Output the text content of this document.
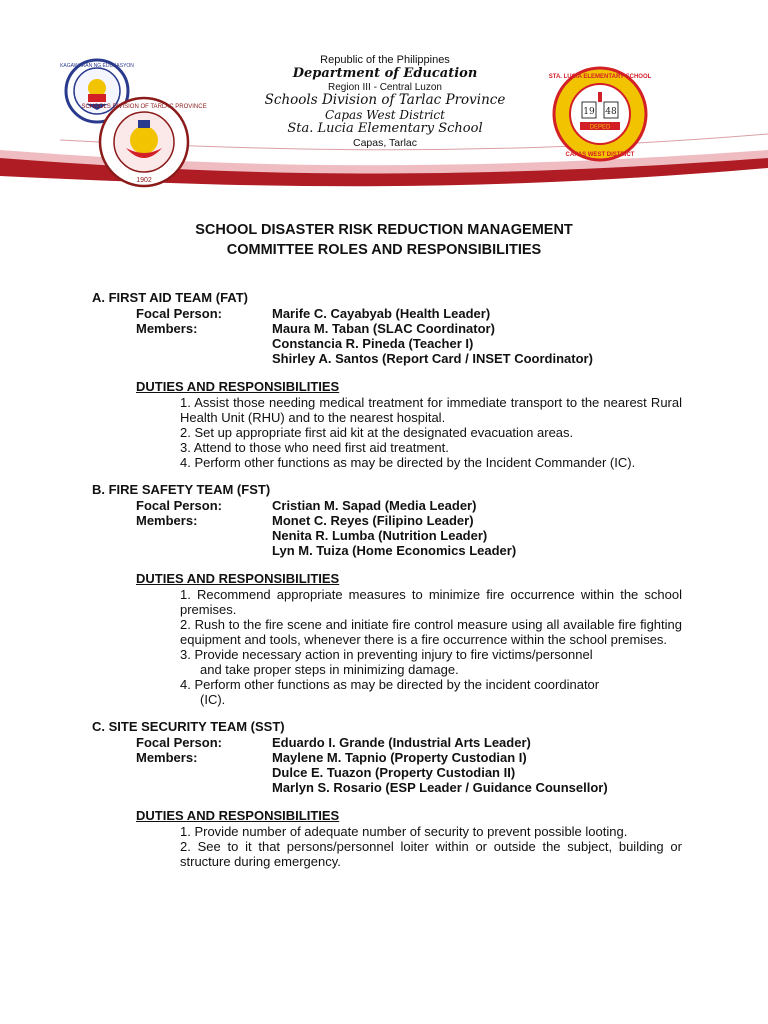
KAGAWARAN NG EDUKASYON
SCHOOLS DIVISION OF TARLAC PROVINCE
1902
Republic of the Philippines
Department of Education
Region III - Central Luzon
Schools Division of Tarlac Province
Capas West District
Sta. Lucia Elementary School
Capas, Tarlac
19 48
DEPED
STA. LUCIA ELEMENTARY SCHOOL
CAPAS WEST DISTRICT
SCHOOL DISASTER RISK REDUCTION MANAGEMENT
COMMITTEE ROLES AND RESPONSIBILITIES

A. FIRST AID TEAM (FAT)

Focal Person:	Marife C. Cayabyab (Health Leader)
Members:	Maura M. Taban (SLAC Coordinator)
Constancia R. Pineda (Teacher I)
Shirley A. Santos (Report Card / INSET Coordinator)
DUTIES AND RESPONSIBILITIES
1. Assist those needing medical treatment for immediate transport to the nearest Rural Health Unit (RHU) and to the nearest hospital.
2. Set up appropriate first aid kit at the designated evacuation areas.
3. Attend to those who need first aid treatment.
4. Perform other functions as may be directed by the Incident Commander (IC).

B. FIRE SAFETY TEAM (FST)

Focal Person:	Cristian M. Sapad (Media Leader)
Members:	Monet C. Reyes (Filipino Leader)
Nenita R. Lumba (Nutrition Leader)
Lyn M. Tuiza (Home Economics Leader)
DUTIES AND RESPONSIBILITIES
1. Recommend appropriate measures to minimize fire occurrence within the school premises.
2. Rush to the fire scene and initiate fire control measure using all available fire fighting equipment and tools, whenever there is a fire occurrence within the school premises.
3. Provide necessary action in preventing injury to fire victims/personnel
and take proper steps in minimizing damage.
4. Perform other functions as may be directed by the incident coordinator
(IC).

C. SITE SECURITY TEAM (SST)

Focal Person:	Eduardo I. Grande (Industrial Arts Leader)
Members:	Maylene M. Tapnio (Property Custodian I)
Dulce E. Tuazon (Property Custodian II)
Marlyn S. Rosario (ESP Leader / Guidance Counsellor)
DUTIES AND RESPONSIBILITIES
1. Provide number of adequate number of security to prevent possible looting.
2. See to it that persons/personnel loiter within or outside the subject, building or structure during emergency.
